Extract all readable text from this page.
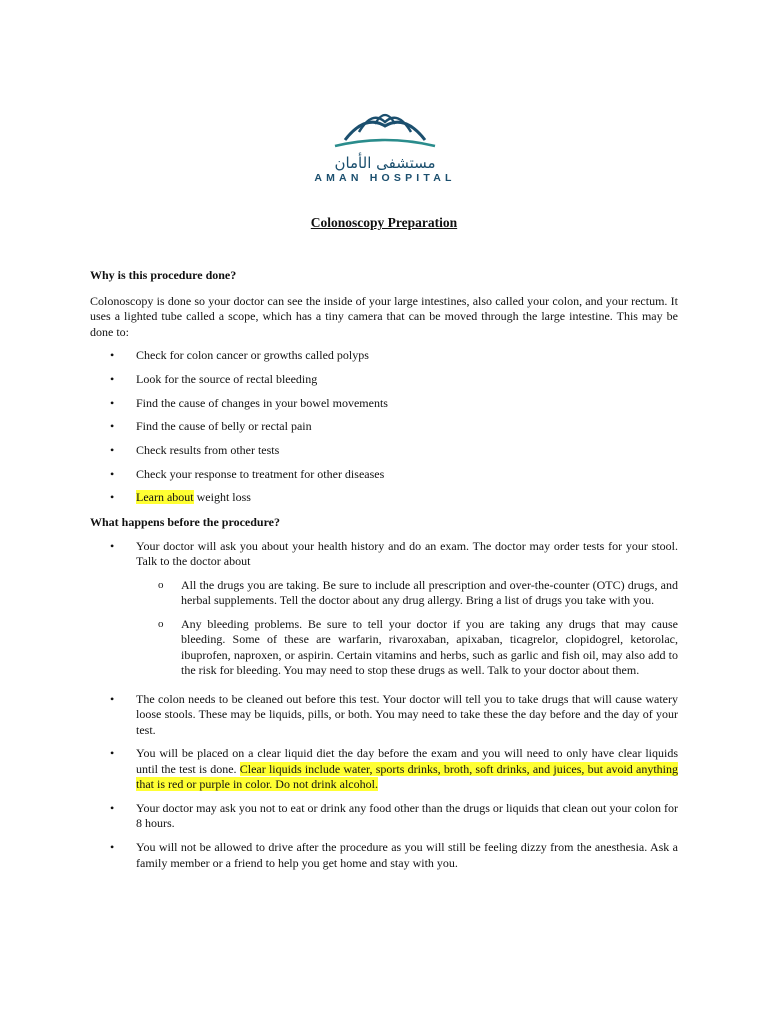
مستشفى الأمان
AMAN HOSPITAL
Colonoscopy Preparation
Why is this procedure done?

Colonoscopy is done so your doctor can see the inside of your large intestines, also called your colon, and your rectum. It uses a lighted tube called a scope, which has a tiny camera that can be moved through the large intestine. This may be done to:

• Check for colon cancer or growths called polyps
• Look for the source of rectal bleeding
• Find the cause of changes in your bowel movements
• Find the cause of belly or rectal pain
• Check results from other tests
• Check your response to treatment for other diseases
• Learn about weight loss
What happens before the procedure?
• Your doctor will ask you about your health history and do an exam. The doctor may order tests for your stool. Talk to the doctor about
o All the drugs you are taking. Be sure to include all prescription and over-the-counter (OTC) drugs, and herbal supplements. Tell the doctor about any drug allergy. Bring a list of drugs you take with you.
o Any bleeding problems. Be sure to tell your doctor if you are taking any drugs that may cause bleeding. Some of these are warfarin, rivaroxaban, apixaban, ticagrelor, clopidogrel, ketorolac, ibuprofen, naproxen, or aspirin. Certain vitamins and herbs, such as garlic and fish oil, may also add to the risk for bleeding. You may need to stop these drugs as well. Talk to your doctor about them.
• The colon needs to be cleaned out before this test. Your doctor will tell you to take drugs that will cause watery loose stools. These may be liquids, pills, or both. You may need to take these the day before and the day of your test.
• You will be placed on a clear liquid diet the day before the exam and you will need to only have clear liquids until the test is done. Clear liquids include water, sports drinks, broth, soft drinks, and juices, but avoid anything that is red or purple in color. Do not drink alcohol.
• Your doctor may ask you not to eat or drink any food other than the drugs or liquids that clean out your colon for 8 hours.
• You will not be allowed to drive after the procedure as you will still be feeling dizzy from the anesthesia. Ask a family member or a friend to help you get home and stay with you.
